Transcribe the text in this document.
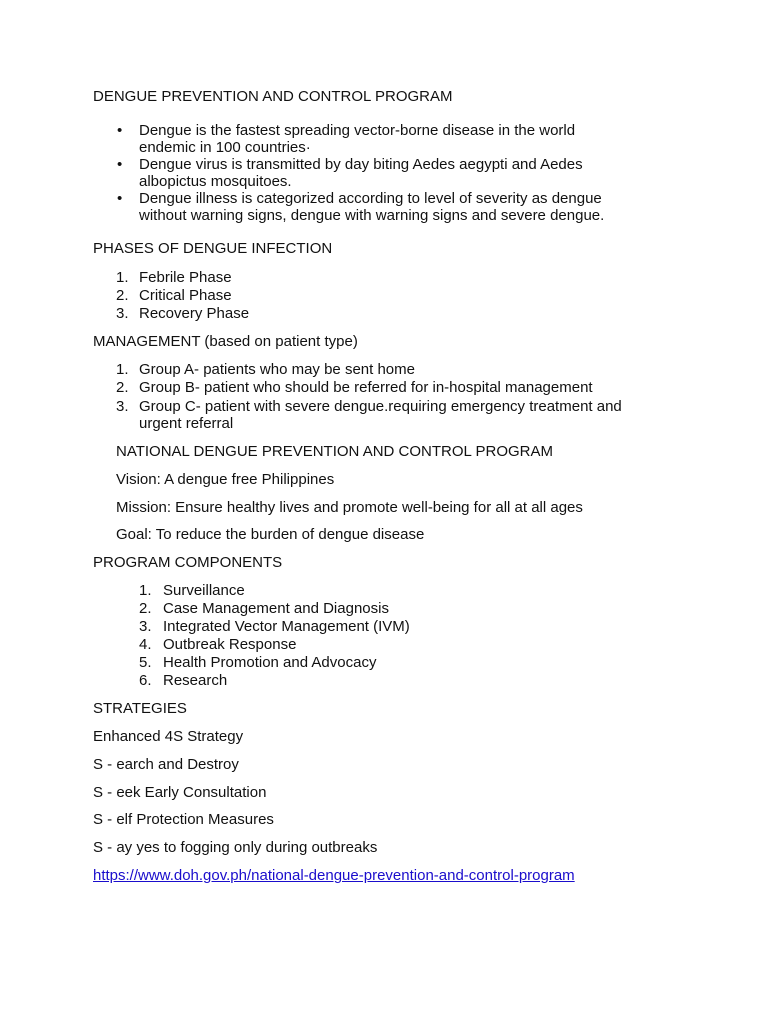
DENGUE PREVENTION AND CONTROL PROGRAM
• Dengue is the fastest spreading vector-borne disease in the world
endemic in 100 countries·
• Dengue virus is transmitted by day biting Aedes aegypti and Aedes
albopictus mosquitoes.
• Dengue illness is categorized according to level of severity as dengue
without warning signs, dengue with warning signs and severe dengue.
PHASES OF DENGUE INFECTION
1. Febrile Phase
2. Critical Phase
3. Recovery Phase
MANAGEMENT (based on patient type)
1. Group A- patients who may be sent home
2. Group B- patient who should be referred for in-hospital management
3. Group C- patient with severe dengue.requiring emergency treatment and
urgent referral
NATIONAL DENGUE PREVENTION AND CONTROL PROGRAM
Vision: A dengue free Philippines
Mission: Ensure healthy lives and promote well-being for all at all ages
Goal: To reduce the burden of dengue disease
PROGRAM COMPONENTS
1. Surveillance
2. Case Management and Diagnosis
3. Integrated Vector Management (IVM)
4. Outbreak Response
5. Health Promotion and Advocacy
6. Research
STRATEGIES
Enhanced 4S Strategy
S - earch and Destroy
S - eek Early Consultation
S - elf Protection Measures
S - ay yes to fogging only during outbreaks
https://www.doh.gov.ph/national-dengue-prevention-and-control-program
